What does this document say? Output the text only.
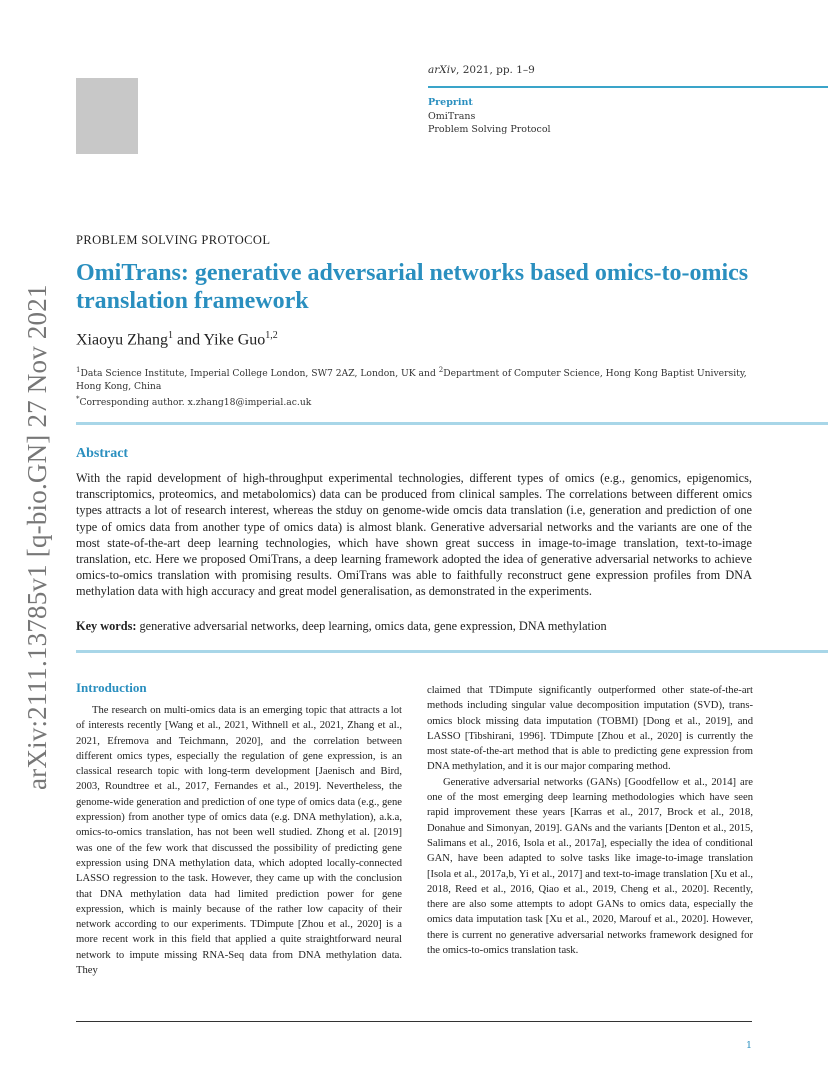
arXiv, 2021, pp. 1–9
Preprint
OmiTrans
Problem Solving Protocol
arXiv:2111.13785v1 [q-bio.GN] 27 Nov 2021
PROBLEM SOLVING PROTOCOL
OmiTrans: generative adversarial networks based omics-to-omics translation framework
Xiaoyu Zhang$^1$ and Yike Guo$^{1,2}$
$^1$Data Science Institute, Imperial College London, SW7 2AZ, London, UK and $^2$Department of Computer Science, Hong Kong Baptist University, Hong Kong, China
*Corresponding author. x.zhang18@imperial.ac.uk
Abstract
With the rapid development of high-throughput experimental technologies, different types of omics (e.g., genomics, epigenomics, transcriptomics, proteomics, and metabolomics) data can be produced from clinical samples. The correlations between different omics types attracts a lot of research interest, whereas the stduy on genome-wide omcis data translation (i.e, generation and prediction of one type of omics data from another type of omics data) is almost blank. Generative adversarial networks and the variants are one of the most state-of-the-art deep learning technologies, which have shown great success in image-to-image translation, text-to-image translation, etc. Here we proposed OmiTrans, a deep learning framework adopted the idea of generative adversarial networks to achieve omics-to-omics translation with promising results. OmiTrans was able to faithfully reconstruct gene expression profiles from DNA methylation data with high accuracy and great model generalisation, as demonstrated in the experiments.
Key words: generative adversarial networks, deep learning, omics data, gene expression, DNA methylation
Introduction

The research on multi-omics data is an emerging topic that attracts a lot of interests recently [Wang et al., 2021, Withnell et al., 2021, Zhang et al., 2021, Efremova and Teichmann, 2020], and the correlation between different omics types, especially the regulation of gene expression, is an classical research topic with long-term development [Jaenisch and Bird, 2003, Roundtree et al., 2017, Fernandes et al., 2019]. Nevertheless, the genome-wide generation and prediction of one type of omics data (e.g., gene expression) from another type of omics data (e.g. DNA methylation), a.k.a, omics-to-omics translation, has not been well studied. Zhong et al. [2019] was one of the few work that discussed the possibility of predicting gene expression using DNA methylation data, which adopted locally-connected LASSO regression to the task. However, they came up with the conclusion that DNA methylation data had limited prediction power for gene expression, which is mainly because of the rather low capacity of their network according to our experiments. TDimpute [Zhou et al., 2020] is a more recent work in this field that applied a quite straightforward neural network to impute missing RNA-Seq data from DNA methylation data. They

claimed that TDimpute significantly outperformed other state-of-the-art methods including singular value decomposition imputation (SVD), trans-omics block missing data imputation (TOBMI) [Dong et al., 2019], and LASSO [Tibshirani, 1996]. TDimpute [Zhou et al., 2020] is currently the most state-of-the-art method that is able to predicting gene expression from DNA methylation, and it is our major comparing method.

Generative adversarial networks (GANs) [Goodfellow et al., 2014] are one of the most emerging deep learning methodologies which have seen rapid improvement these years [Karras et al., 2017, Brock et al., 2018, Donahue and Simonyan, 2019]. GANs and the variants [Denton et al., 2015, Salimans et al., 2016, Isola et al., 2017a], especially the idea of conditional GAN, have been adapted to solve tasks like image-to-image translation [Isola et al., 2017a,b, Yi et al., 2017] and text-to-image translation [Xu et al., 2018, Reed et al., 2016, Qiao et al., 2019, Cheng et al., 2020]. Recently, there are also some attempts to adopt GANs to omics data, especially the omics data imputation task [Xu et al., 2020, Marouf et al., 2020]. However, there is current no generative adversarial networks framework designed for the omics-to-omics translation task.

1
